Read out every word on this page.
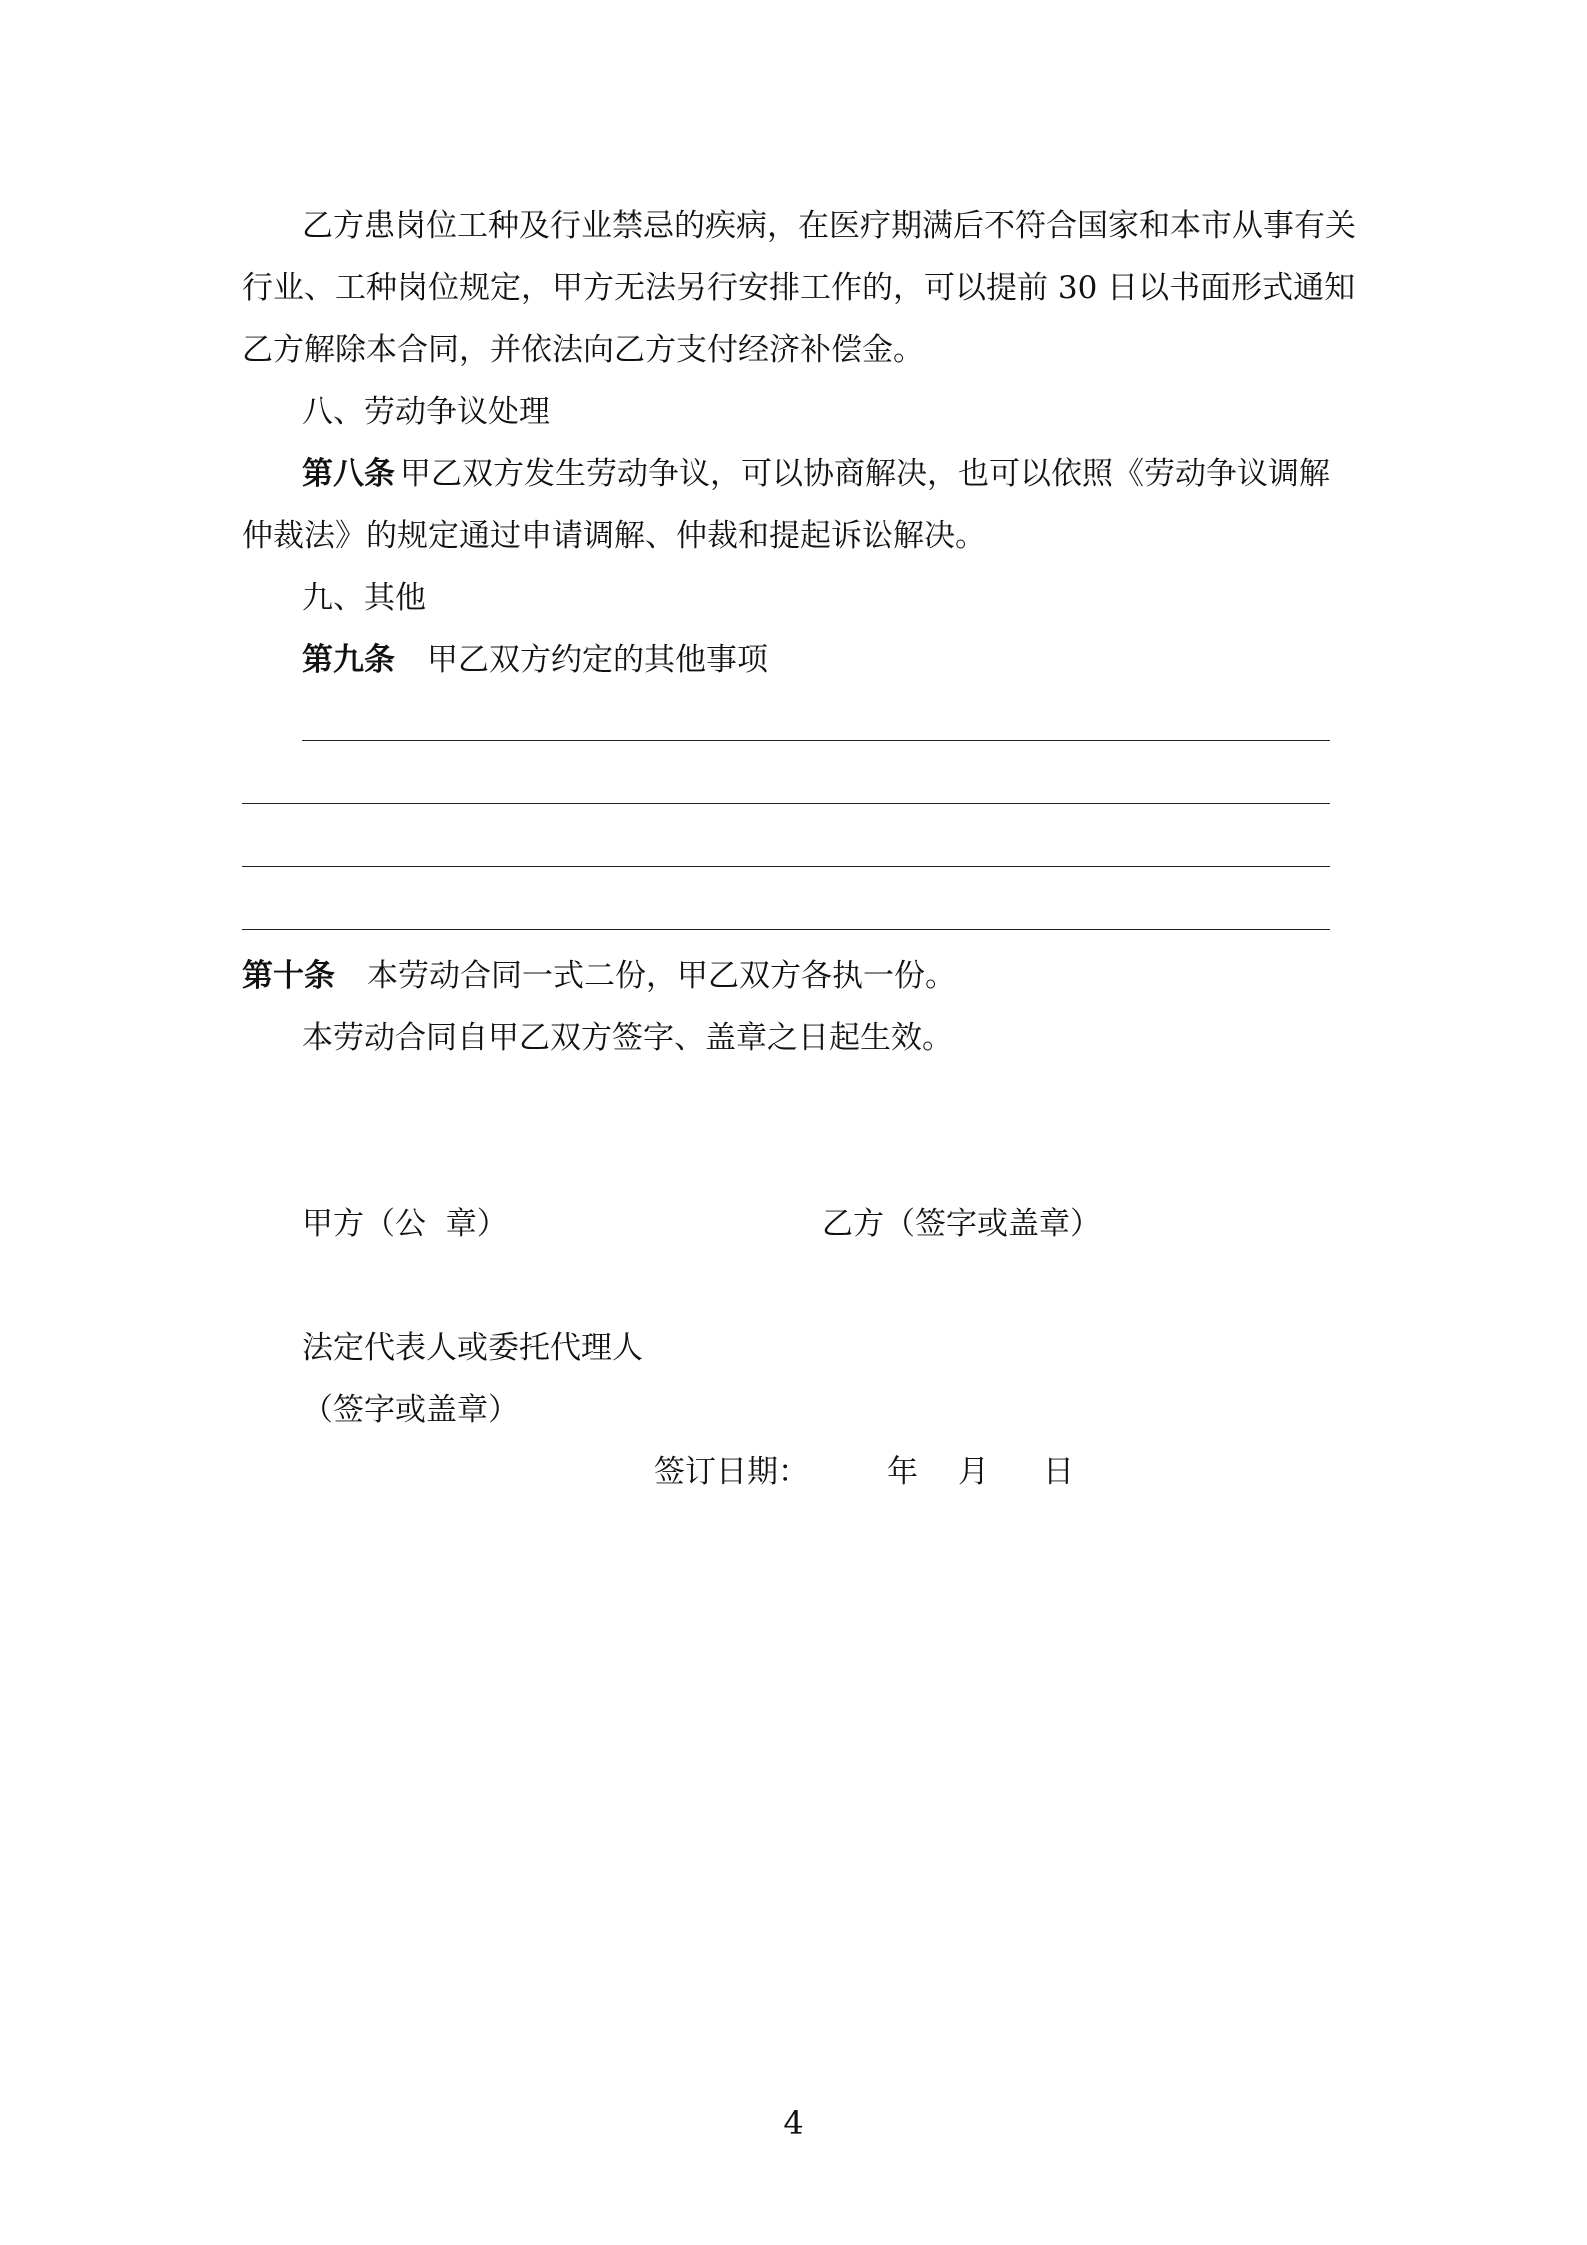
乙方患岗位工种及行业禁忌的疾病，在医疗期满后不符合国家和本市从事有关
行业、工种岗位规定，甲方无法另行安排工作的，可以提前 30 日以书面形式通知
乙方解除本合同，并依法向乙方支付经济补偿金。
八、劳动争议处理
第八条 甲乙双方发生劳动争议，可以协商解决，也可以依照《劳动争议调解
仲裁法》的规定通过申请调解、仲裁和提起诉讼解决。
九、其他
第九条 甲乙双方约定的其他事项
第十条 本劳动合同一式二份，甲乙双方各执一份。
本劳动合同自甲乙双方签字、盖章之日起生效。
甲方（公  章）	乙方（签字或盖章）
法定代表人或委托代理人
（签字或盖章）
签订日期：	年 月 日
4
